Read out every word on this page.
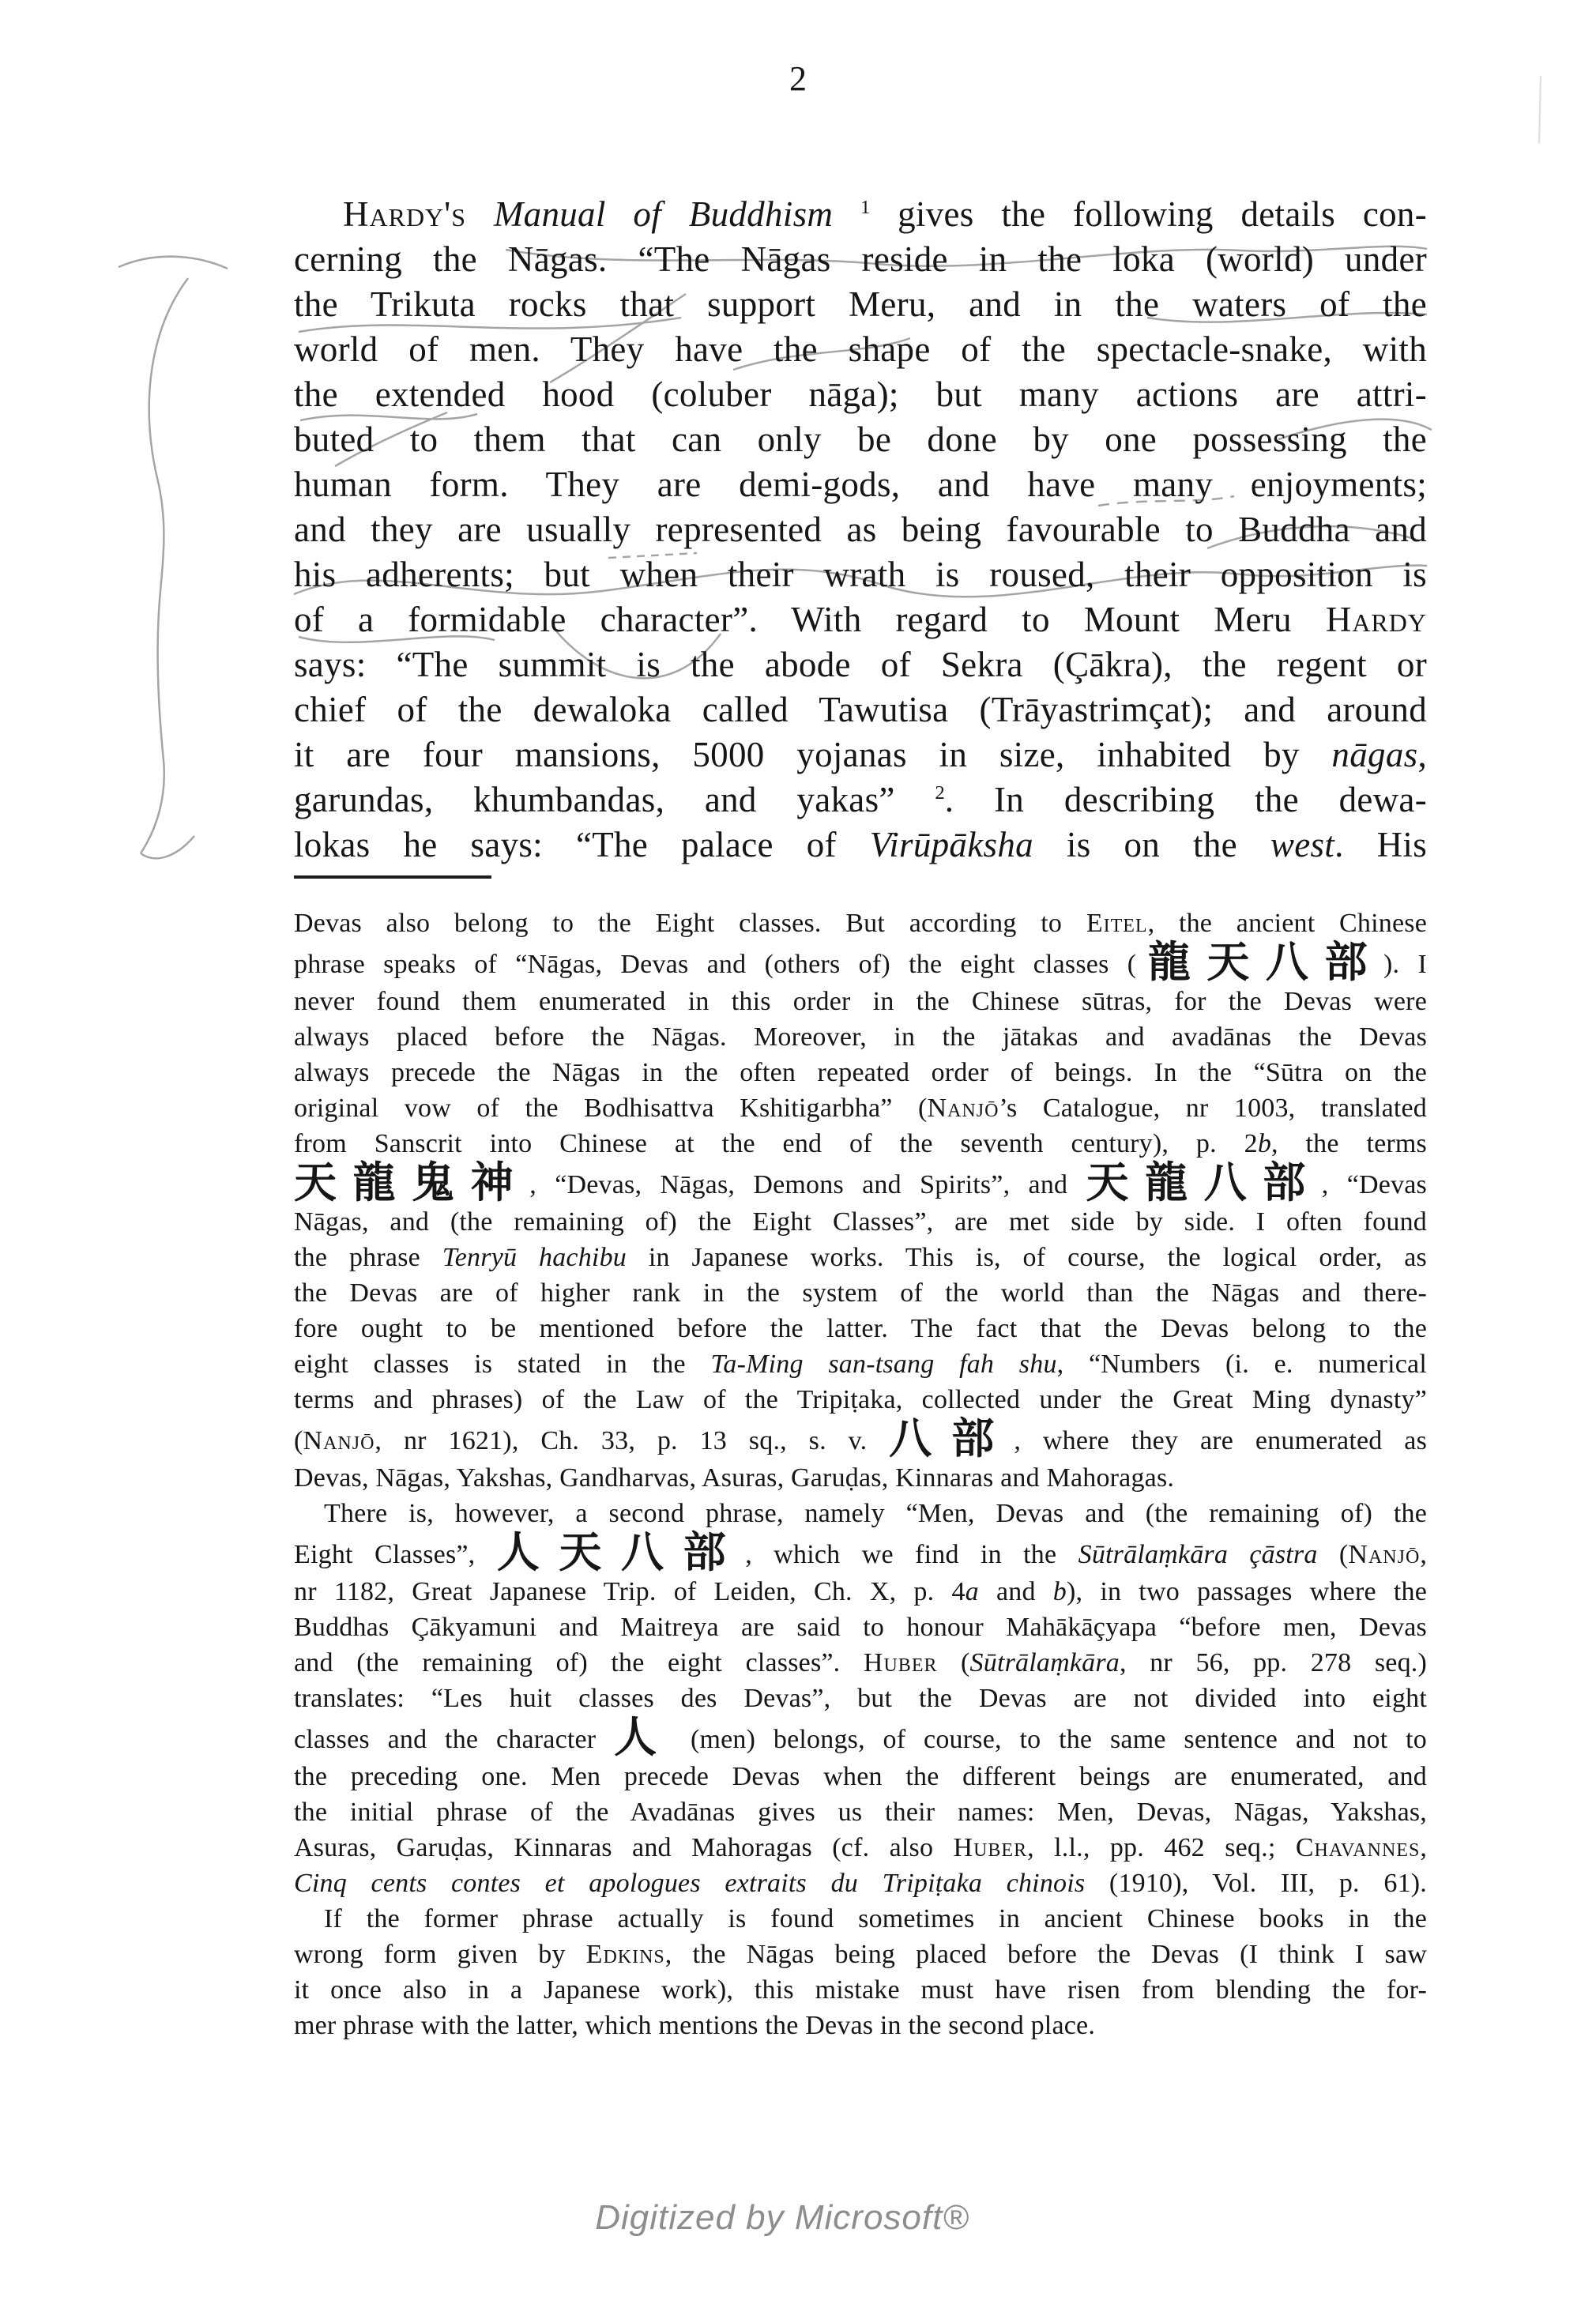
2
Hardy's Manual of Buddhism $^1$ gives the following details con-
cerning the Nāgas. “The Nāgas reside in the loka (world) under
the Trikuta rocks that support Meru, and in the waters of the
world of men. They have the shape of the spectacle-snake, with
the extended hood (coluber nāga); but many actions are attri-
buted to them that can only be done by one possessing the
human form. They are demi-gods, and have many enjoyments;
and they are usually represented as being favourable to Buddha and
his adherents; but when their wrath is roused, their opposition is
of a formidable character”. With regard to Mount Meru Hardy
says: “The summit is the abode of Sekra (Çākra), the regent or
chief of the dewaloka called Tawutisa (Trāyastrimçat); and around
it are four mansions, 5000 yojanas in size, inhabited by nāgas,
garundas, khumbandas, and yakas” $^2$. In describing the dewa-
lokas he says: “The palace of Virūpāksha is on the west. His
Devas also belong to the Eight classes. But according to Eitel, the ancient Chinese
phrase speaks of “Nāgas, Devas and (others of) the eight classes (龍天八部). I
never found them enumerated in this order in the Chinese sūtras, for the Devas were
always placed before the Nāgas. Moreover, in the jātakas and avadānas the Devas
always precede the Nāgas in the often repeated order of beings. In the “Sūtra on the
original vow of the Bodhisattva Kshitigarbha” (Nanjō’s Catalogue, nr 1003, translated
from Sanscrit into Chinese at the end of the seventh century), p. 2b, the terms
天龍鬼神, “Devas, Nāgas, Demons and Spirits”, and 天龍八部, “Devas
Nāgas, and (the remaining of) the Eight Classes”, are met side by side. I often found
the phrase Tenryū hachibu in Japanese works. This is, of course, the logical order, as
the Devas are of higher rank in the system of the world than the Nāgas and there-
fore ought to be mentioned before the latter. The fact that the Devas belong to the
eight classes is stated in the Ta-Ming san-tsang fah shu, “Numbers (i. e. numerical
terms and phrases) of the Law of the Tripiṭaka, collected under the Great Ming dynasty”
(Nanjō, nr 1621), Ch. 33, p. 13 sq., s. v. 八部, where they are enumerated as
Devas, Nāgas, Yakshas, Gandharvas, Asuras, Garuḍas, Kinnaras and Mahoragas.
There is, however, a second phrase, namely “Men, Devas and (the remaining of) the
Eight Classes”, 人天八部, which we find in the Sūtrālaṃkāra çāstra (Nanjō,
nr 1182, Great Japanese Trip. of Leiden, Ch. X, p. 4a and b), in two passages where the
Buddhas Çākyamuni and Maitreya are said to honour Mahākāçyapa “before men, Devas
and (the remaining of) the eight classes”. Huber (Sūtrālaṃkāra, nr 56, pp. 278 seq.)
translates: “Les huit classes des Devas”, but the Devas are not divided into eight
classes and the character 人 (men) belongs, of course, to the same sentence and not to
the preceding one. Men precede Devas when the different beings are enumerated, and
the initial phrase of the Avadānas gives us their names: Men, Devas, Nāgas, Yakshas,
Asuras, Garuḍas, Kinnaras and Mahoragas (cf. also Huber, l.l., pp. 462 seq.; Chavannes,
Cinq cents contes et apologues extraits du Tripiṭaka chinois (1910), Vol. III, p. 61).
If the former phrase actually is found sometimes in ancient Chinese books in the
wrong form given by Edkins, the Nāgas being placed before the Devas (I think I saw
it once also in a Japanese work), this mistake must have risen from blending the for-
mer phrase with the latter, which mentions the Devas in the second place.
Digitized by Microsoft®
